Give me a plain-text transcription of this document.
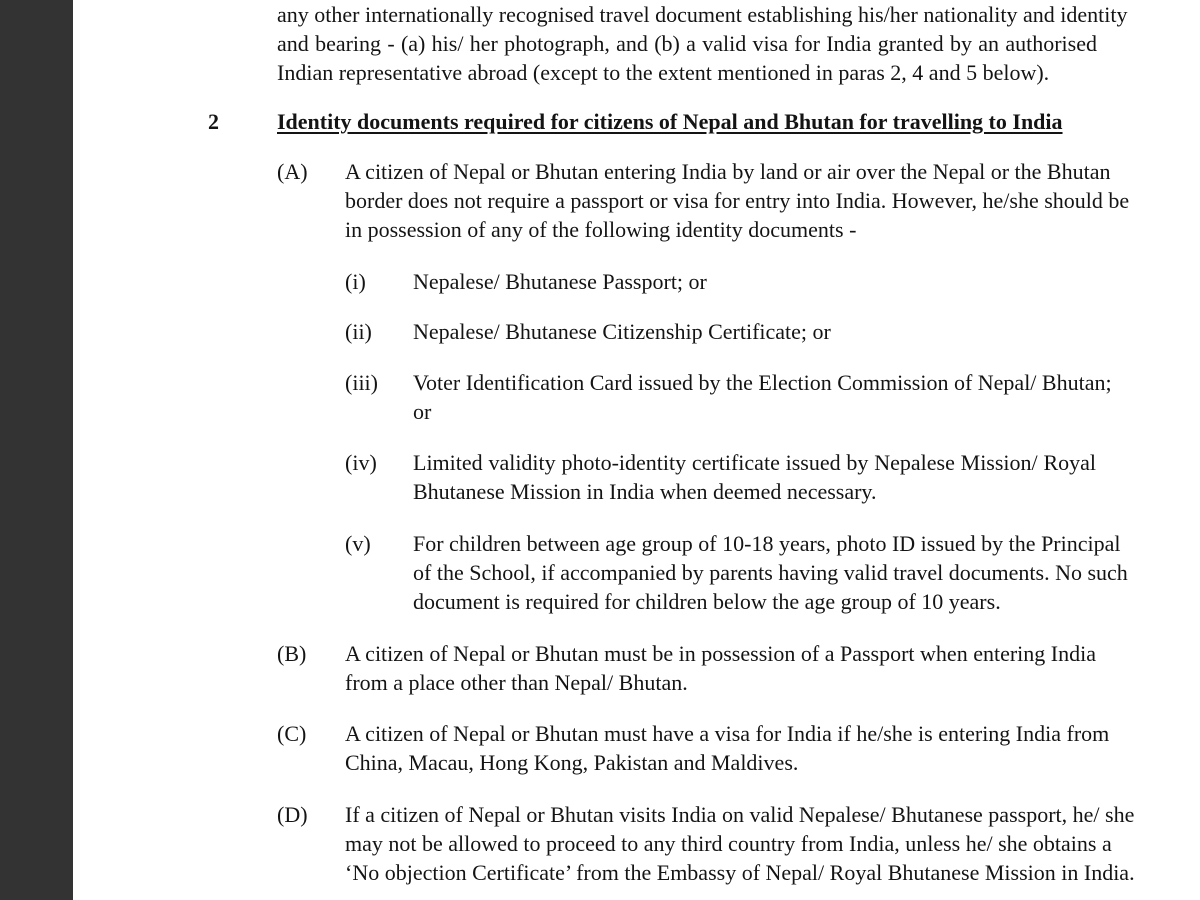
any other internationally recognised travel document establishing his/her nationality and identity
and bearing - (a) his/ her photograph, and (b) a valid visa for India granted by an authorised
Indian representative abroad (except to the extent mentioned in paras 2, 4 and 5 below).
2	Identity documents required for citizens of Nepal and Bhutan for travelling to India
(A) A citizen of Nepal or Bhutan entering India by land or air over the Nepal or the Bhutan
border does not require a passport or visa for entry into India. However, he/she should be
in possession of any of the following identity documents -
(i) Nepalese/ Bhutanese Passport; or
(ii) Nepalese/ Bhutanese Citizenship Certificate; or
(iii) Voter Identification Card issued by the Election Commission of Nepal/ Bhutan;
or
(iv) Limited validity photo-identity certificate issued by Nepalese Mission/ Royal
Bhutanese Mission in India when deemed necessary.
(v) For children between age group of 10-18 years, photo ID issued by the Principal
of the School, if accompanied by parents having valid travel documents. No such
document is required for children below the age group of 10 years.
(B) A citizen of Nepal or Bhutan must be in possession of a Passport when entering India
from a place other than Nepal/ Bhutan.
(C) A citizen of Nepal or Bhutan must have a visa for India if he/she is entering India from
China, Macau, Hong Kong, Pakistan and Maldives.
(D) If a citizen of Nepal or Bhutan visits India on valid Nepalese/ Bhutanese passport, he/ she
may not be allowed to proceed to any third country from India, unless he/ she obtains a
‘No objection Certificate’ from the Embassy of Nepal/ Royal Bhutanese Mission in India.
